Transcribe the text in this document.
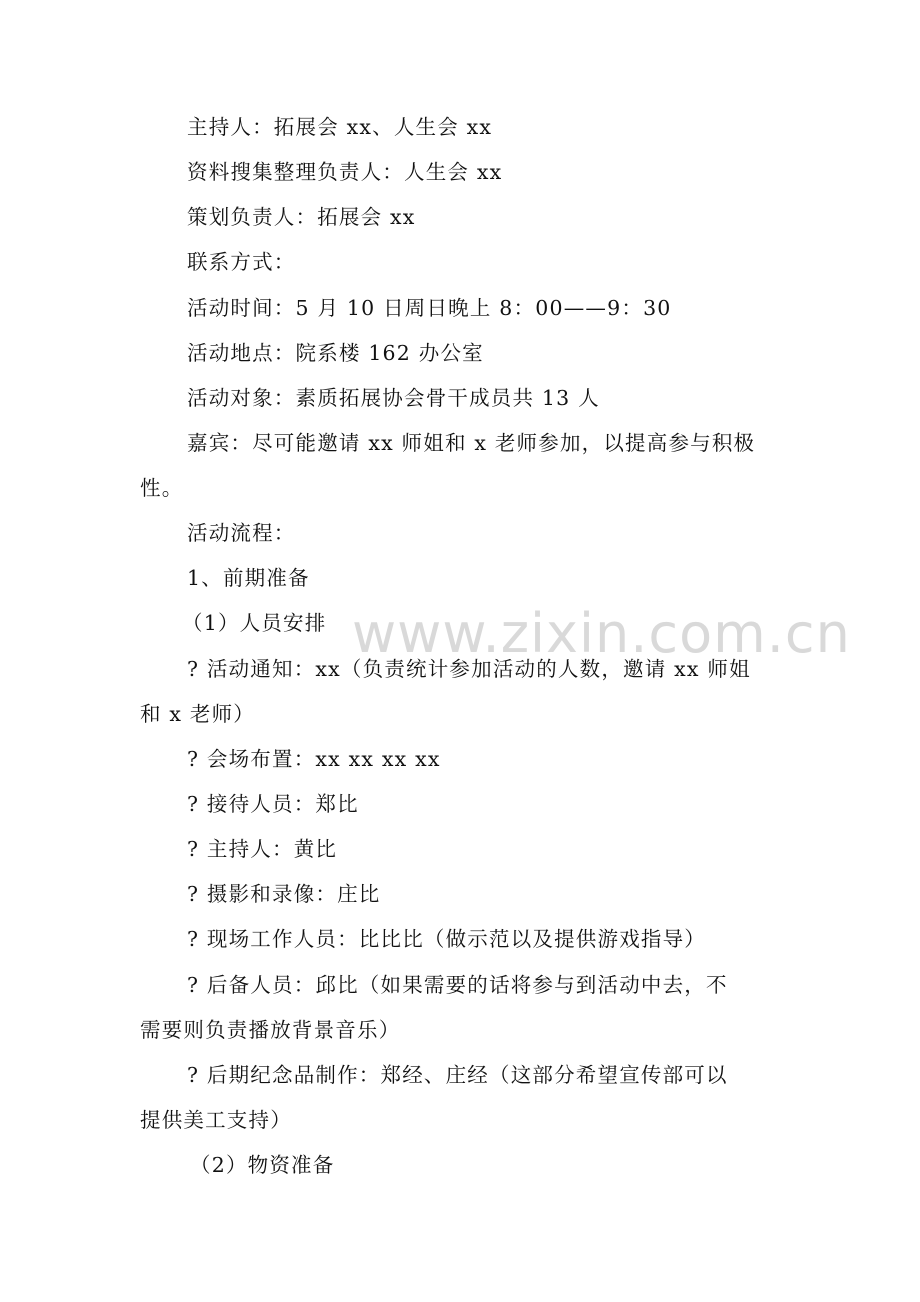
www.zixin.com.cn
主持人：拓展会 xx、人生会 xx
资料搜集整理负责人：人生会 xx
策划负责人：拓展会 xx
联系方式：
活动时间：5 月 10 日周日晚上 8：00——9：30
活动地点：院系楼 162 办公室
活动对象：素质拓展协会骨干成员共 13 人
嘉宾：尽可能邀请 xx 师姐和 x 老师参加，以提高参与积极
性。
活动流程：
1、前期准备
（1）人员安排
? 活动通知：xx（负责统计参加活动的人数，邀请 xx 师姐
和 x 老师）
? 会场布置：xx xx xx xx
? 接待人员：郑比
? 主持人：黄比
? 摄影和录像：庄比
? 现场工作人员：比比比（做示范以及提供游戏指导）
? 后备人员：邱比（如果需要的话将参与到活动中去，不
需要则负责播放背景音乐）
? 后期纪念品制作：郑经、庄经（这部分希望宣传部可以
提供美工支持）
（2）物资准备
